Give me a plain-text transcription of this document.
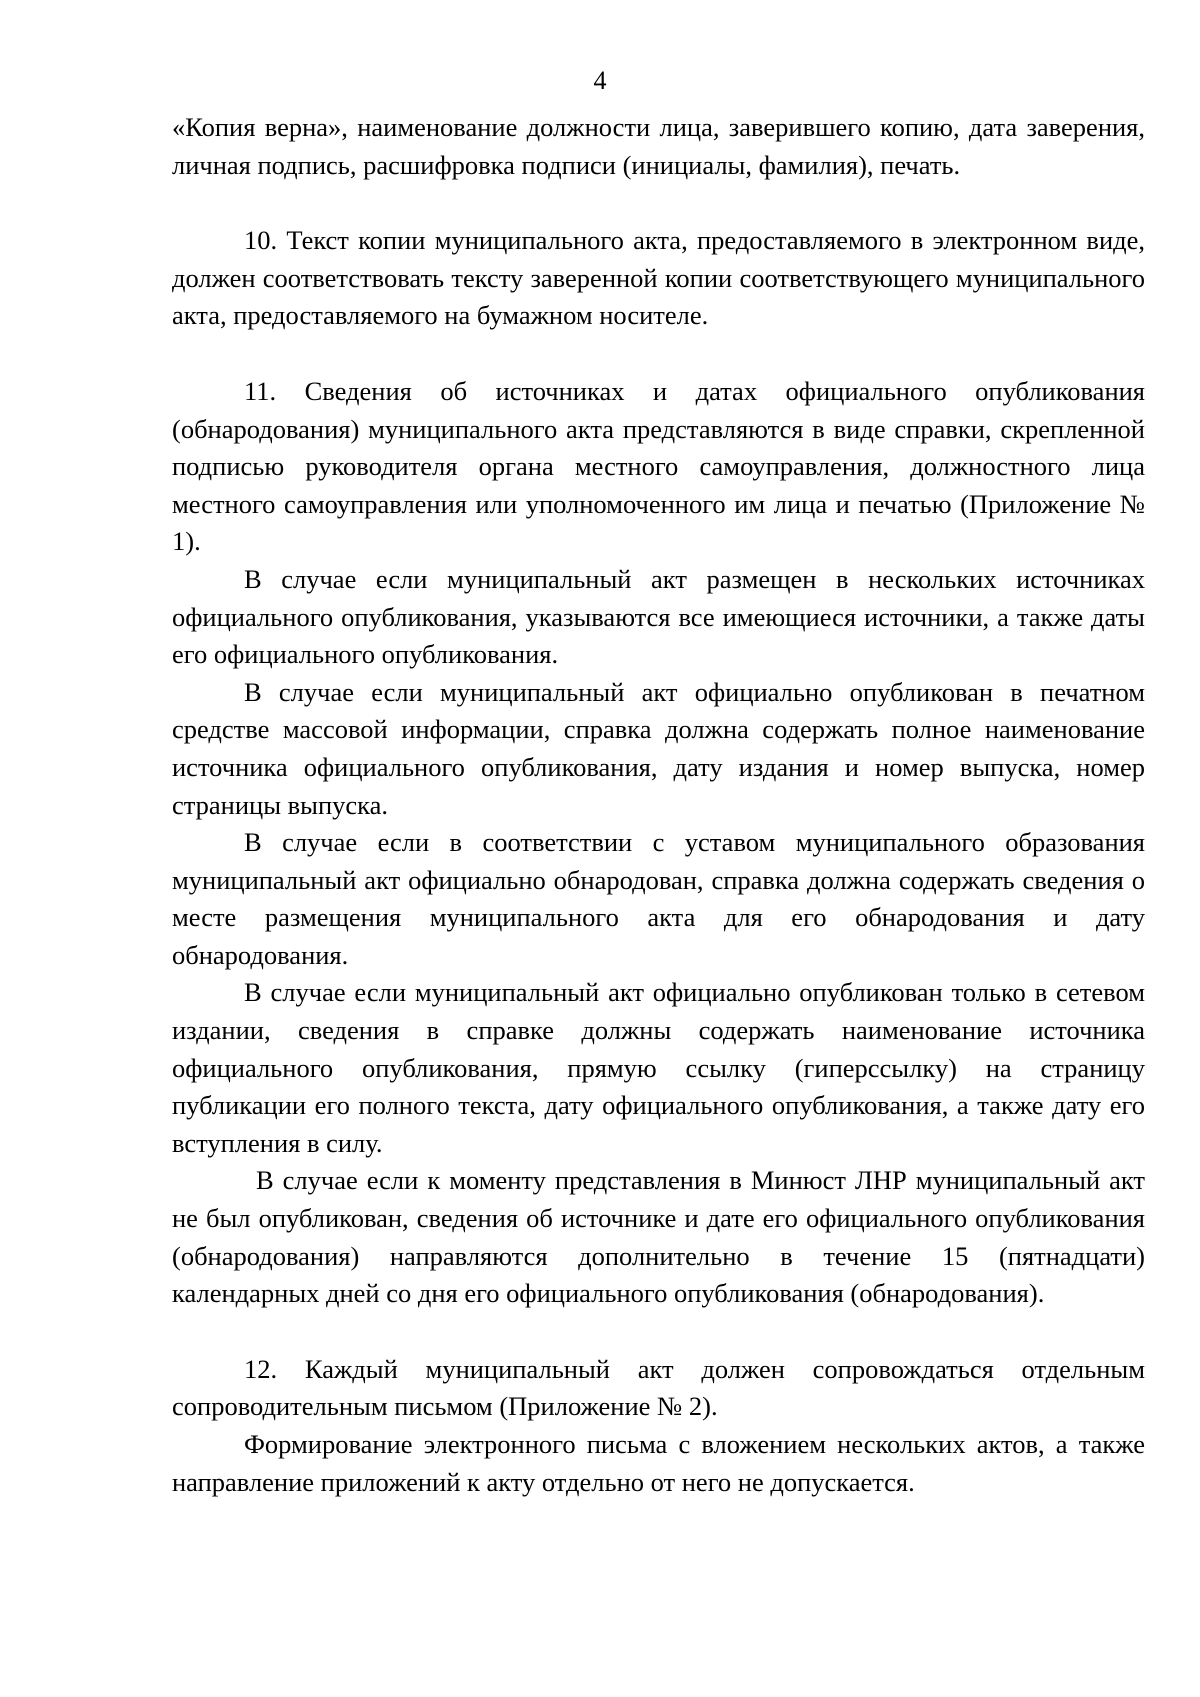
4

«Копия верна», наименование должности лица, заверившего копию, дата заверения, личная подпись, расшифровка подписи (инициалы, фамилия), печать.

10. Текст копии муниципального акта, предоставляемого в электронном виде, должен соответствовать тексту заверенной копии соответствующего муниципального акта, предоставляемого на бумажном носителе.

11. Сведения об источниках и датах официального опубликования (обнародования) муниципального акта представляются в виде справки, скрепленной подписью руководителя органа местного самоуправления, должностного лица местного самоуправления или уполномоченного им лица и печатью (Приложение № 1).

В случае если муниципальный акт размещен в нескольких источниках официального опубликования, указываются все имеющиеся источники, а также даты его официального опубликования.

В случае если муниципальный акт официально опубликован в печатном средстве массовой информации, справка должна содержать полное наименование источника официального опубликования, дату издания и номер выпуска, номер страницы выпуска.

В случае если в соответствии с уставом муниципального образования муниципальный акт официально обнародован, справка должна содержать сведения о месте размещения муниципального акта для его обнародования и дату обнародования.

В случае если муниципальный акт официально опубликован только в сетевом издании, сведения в справке должны содержать наименование источника официального опубликования, прямую ссылку (гиперссылку) на страницу публикации его полного текста, дату официального опубликования, а также дату его вступления в силу.

В случае если к моменту представления в Минюст ЛНР муниципальный акт не был опубликован, сведения об источнике и дате его официального опубликования (обнародования) направляются дополнительно в течение 15 (пятнадцати) календарных дней со дня его официального опубликования (обнародования).

12. Каждый муниципальный акт должен сопровождаться отдельным сопроводительным письмом (Приложение № 2).

Формирование электронного письма с вложением нескольких актов, а также направление приложений к акту отдельно от него не допускается.
